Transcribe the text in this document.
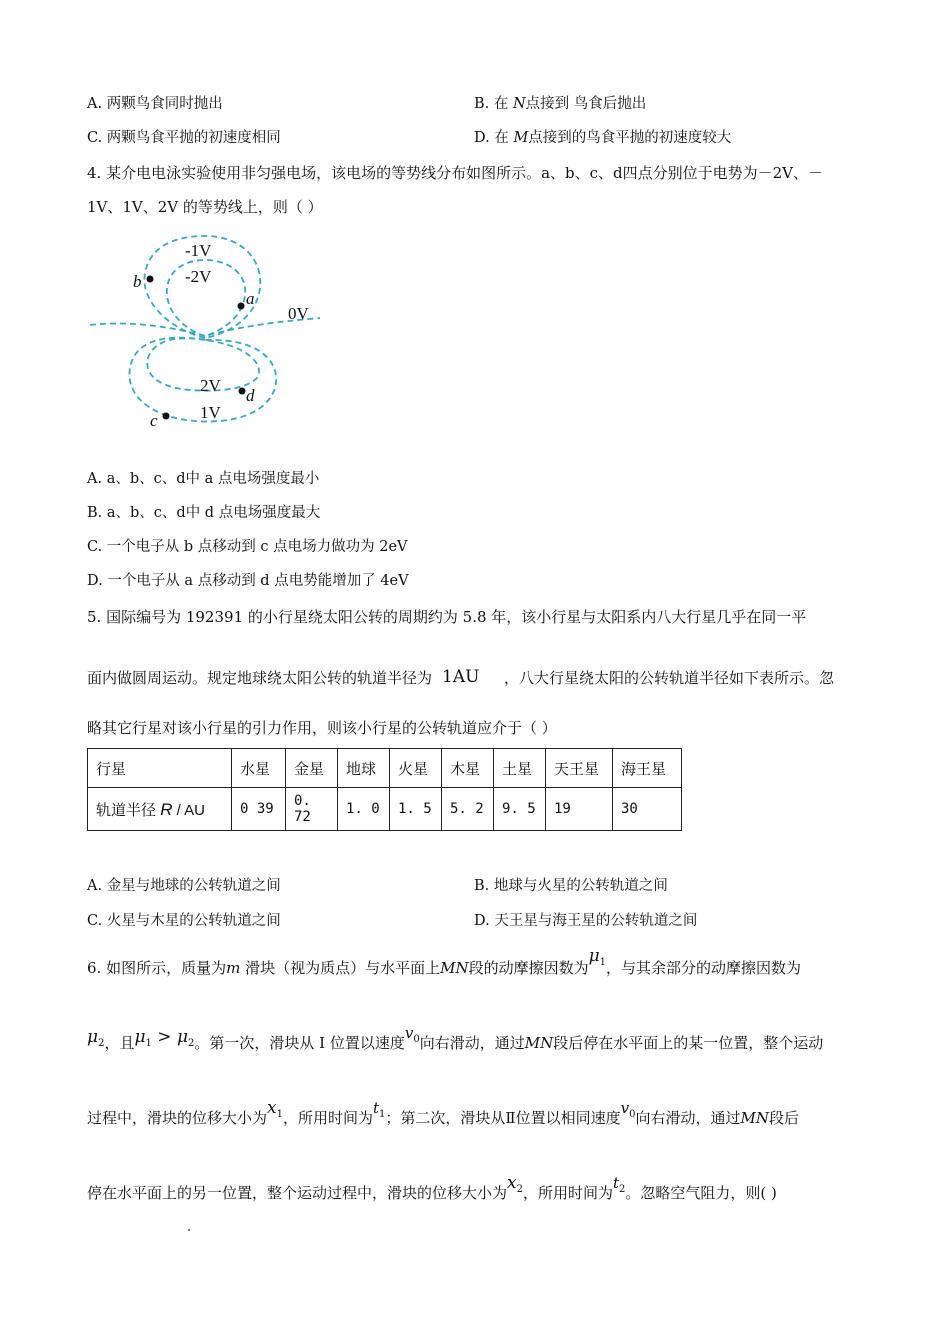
A. 两颗鸟食同时抛出	B. 在 N点接到 鸟食后抛出
C. 两颗鸟食平抛的初速度相同	D. 在 M点接到的鸟食平抛的初速度较大
4. 某介电电泳实验使用非匀强电场，该电场的等势线分布如图所示。a、b、c、d四点分别位于电势为－2V、－
1V、1V、2V 的等势线上，则（ ）
-1V
-2V
0V
2V
1V
b
a
d
c
A. a、b、c、d中 a 点电场强度最小
B. a、b、c、d中 d 点电场强度最大
C. 一个电子从 b 点移动到 c 点电场力做功为 2eV
D. 一个电子从 a 点移动到 d 点电势能增加了 4eV
5. 国际编号为 192391 的小行星绕太阳公转的周期约为 5.8 年，该小行星与太阳系内八大行星几乎在同一平
面内做圆周运动。规定地球绕太阳公转的轨道半径为 1AU ，八大行星绕太阳的公转轨道半径如下表所示。忽
略其它行星对该小行星的引力作用，则该小行星的公转轨道应介于（ ）
行星	水星	金星	地球	火星	木星	土星	天王星	海王星
轨道半径 R / AU	0 39	0. 72	1. 0	1. 5	5. 2	9. 5	19	30
A. 金星与地球的公转轨道之间	B. 地球与火星的公转轨道之间
C. 火星与木星的公转轨道之间	D. 天王星与海王星的公转轨道之间
6. 如图所示，质量为m 滑块（视为质点）与水平面上MN段的动摩擦因数为$\mu_1$，与其余部分的动摩擦因数为
$\mu_2$，且$\mu_1 > \mu_2$。第一次，滑块从 I 位置以速度$v_0$向右滑动，通过MN段后停在水平面上的某一位置，整个运动
过程中，滑块的位移大小为$x_1$，所用时间为$t_1$；第二次，滑块从Ⅱ位置以相同速度$v_0$向右滑动，通过MN段后
停在水平面上的另一位置，整个运动过程中，滑块的位移大小为$x_2$，所用时间为$t_2$。忽略空气阻力，则( )
